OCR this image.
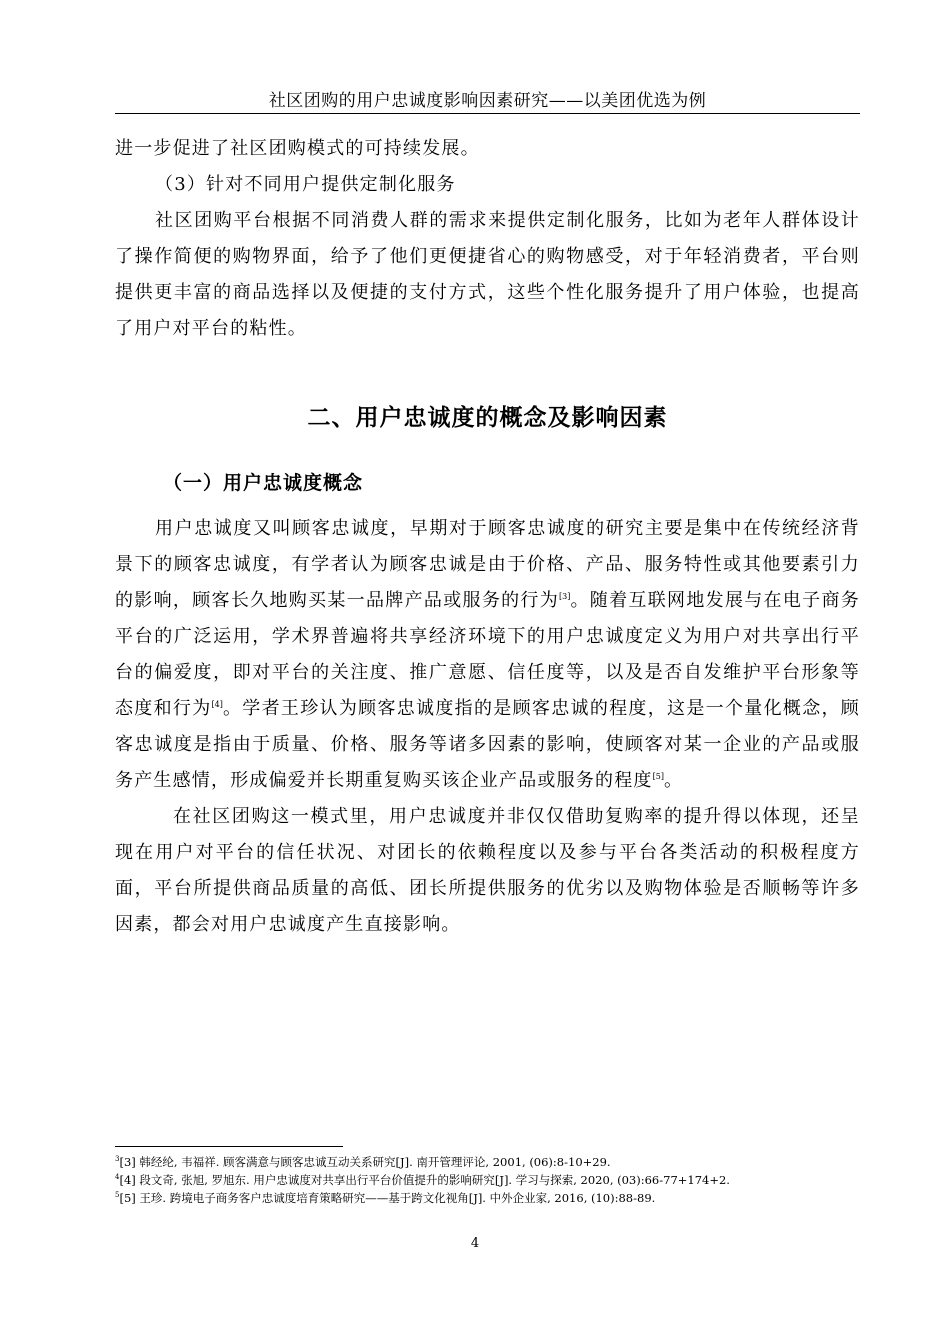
社区团购的用户忠诚度影响因素研究——以美团优选为例

进一步促进了社区团购模式的可持续发展。

（3）针对不同用户提供定制化服务

社区团购平台根据不同消费人群的需求来提供定制化服务，比如为老年人群体设计了操作简便的购物界面，给予了他们更便捷省心的购物感受，对于年轻消费者，平台则提供更丰富的商品选择以及便捷的支付方式，这些个性化服务提升了用户体验，也提高了用户对平台的粘性。

二、用户忠诚度的概念及影响因素
（一）用户忠诚度概念

用户忠诚度又叫顾客忠诚度，早期对于顾客忠诚度的研究主要是集中在传统经济背景下的顾客忠诚度，有学者认为顾客忠诚是由于价格、产品、服务特性或其他要素引力的影响，顾客长久地购买某一品牌产品或服务的行为[3]。随着互联网地发展与在电子商务平台的广泛运用，学术界普遍将共享经济环境下的用户忠诚度定义为用户对共享出行平台的偏爱度，即对平台的关注度、推广意愿、信任度等，以及是否自发维护平台形象等态度和行为[4]。学者王珍认为顾客忠诚度指的是顾客忠诚的程度，这是一个量化概念，顾客忠诚度是指由于质量、价格、服务等诸多因素的影响，使顾客对某一企业的产品或服务产生感情，形成偏爱并长期重复购买该企业产品或服务的程度[5]。

在社区团购这一模式里，用户忠诚度并非仅仅借助复购率的提升得以体现，还呈现在用户对平台的信任状况、对团长的依赖程度以及参与平台各类活动的积极程度方面，平台所提供商品质量的高低、团长所提供服务的优劣以及购物体验是否顺畅等许多因素，都会对用户忠诚度产生直接影响。

$^3$[3] 韩经纶, 韦福祥. 顾客满意与顾客忠诚互动关系研究[J]. 南开管理评论, 2001, (06):8-10+29.
$^4$[4] 段文奇, 张旭, 罗旭东. 用户忠诚度对共享出行平台价值提升的影响研究[J]. 学习与探索, 2020, (03):66-77+174+2.
$^5$[5] 王珍. 跨境电子商务客户忠诚度培育策略研究——基于跨文化视角[J]. 中外企业家, 2016, (10):88-89.
4
